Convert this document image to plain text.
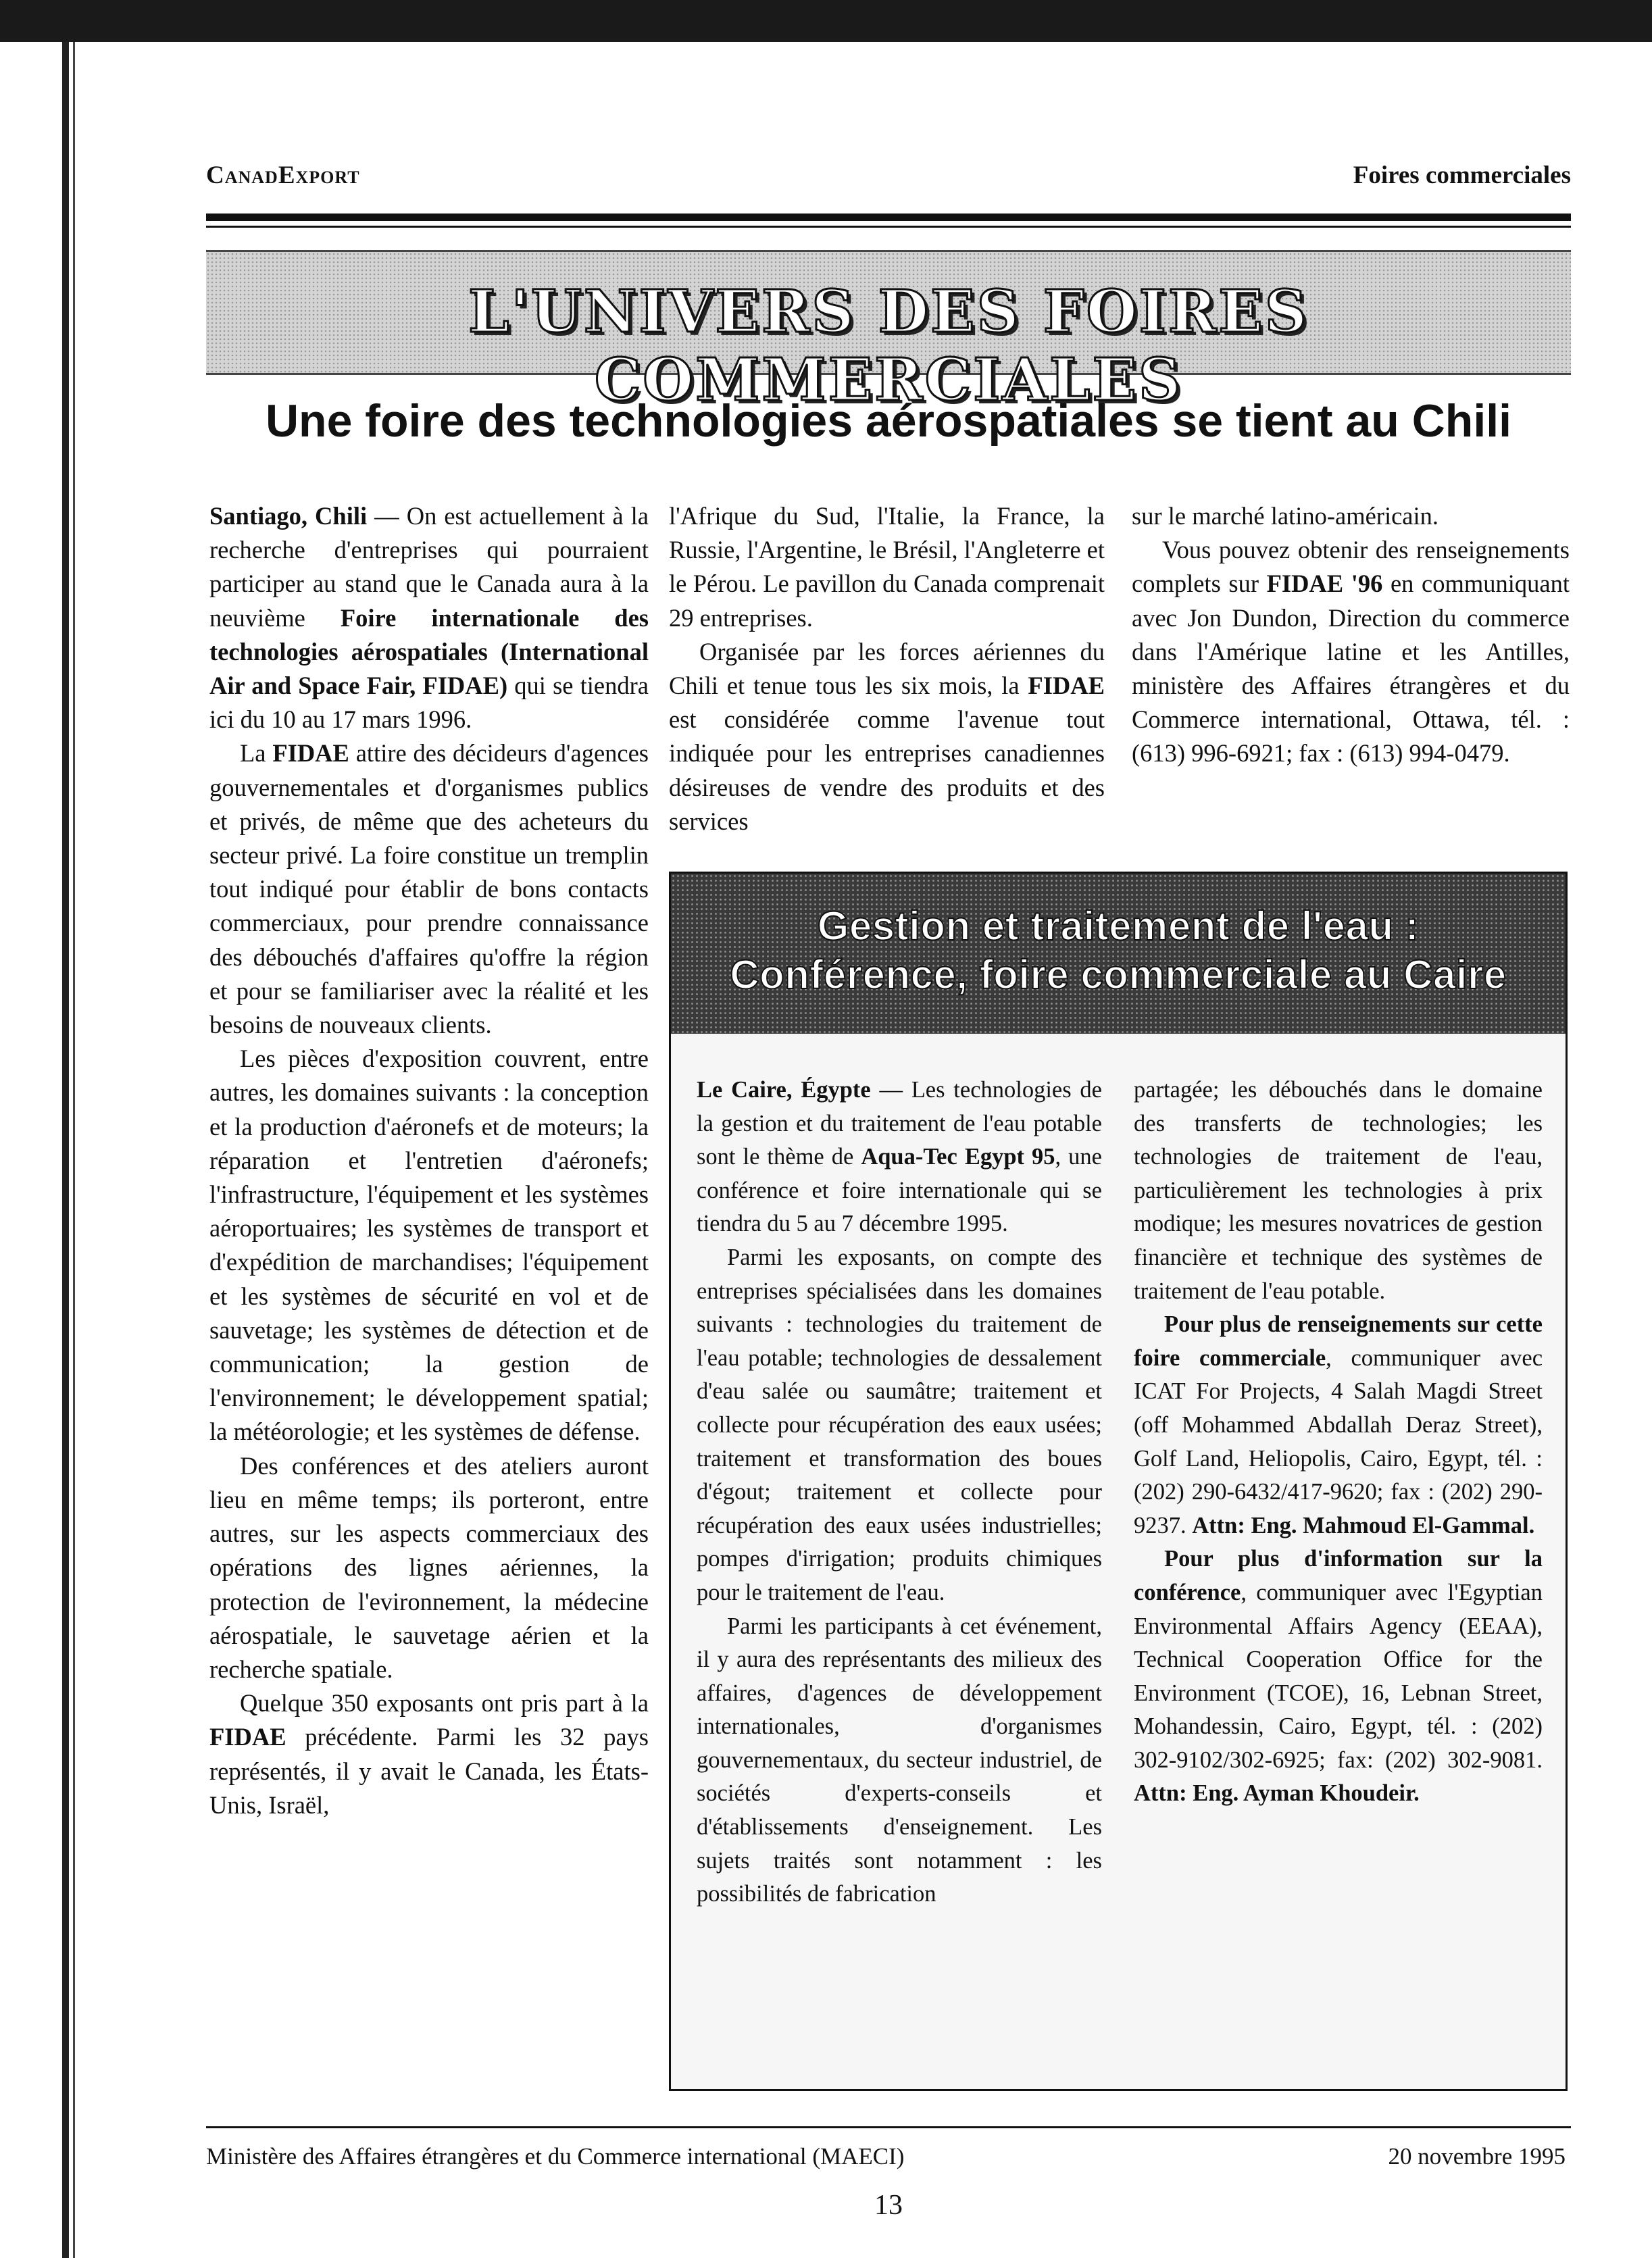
CanadExport	Foires commerciales
L'UNIVERS DES FOIRES COMMERCIALES
Une foire des technologies aérospatiales se tient au Chili

Santiago, Chili — On est actuellement à la recherche d'entreprises qui pourraient participer au stand que le Canada aura à la neuvième Foire internationale des technologies aérospatiales (International Air and Space Fair, FIDAE) qui se tiendra ici du 10 au 17 mars 1996.

La FIDAE attire des décideurs d'agences gouvernementales et d'organismes publics et privés, de même que des acheteurs du secteur privé. La foire constitue un tremplin tout indiqué pour établir de bons contacts commerciaux, pour prendre connaissance des débouchés d'affaires qu'offre la région et pour se familiariser avec la réalité et les besoins de nouveaux clients.

Les pièces d'exposition couvrent, entre autres, les domaines suivants : la conception et la production d'aéronefs et de moteurs; la réparation et l'entretien d'aéronefs; l'infrastructure, l'équipement et les systèmes aéroportuaires; les systèmes de transport et d'expédition de marchandises; l'équipement et les systèmes de sécurité en vol et de sauvetage; les systèmes de détection et de communication; la gestion de l'environnement; le développement spatial; la météorologie; et les systèmes de défense.

Des conférences et des ateliers auront lieu en même temps; ils porteront, entre autres, sur les aspects commerciaux des opérations des lignes aériennes, la protection de l'evironnement, la médecine aérospatiale, le sauvetage aérien et la recherche spatiale.

Quelque 350 exposants ont pris part à la FIDAE précédente. Parmi les 32 pays représentés, il y avait le Canada, les États-Unis, Israël,

l'Afrique du Sud, l'Italie, la France, la Russie, l'Argentine, le Brésil, l'Angleterre et le Pérou. Le pavillon du Canada comprenait 29 entreprises.

Organisée par les forces aériennes du Chili et tenue tous les six mois, la FIDAE est considérée comme l'avenue tout indiquée pour les entreprises canadiennes désireuses de vendre des produits et des services

sur le marché latino-américain.

Vous pouvez obtenir des renseignements complets sur FIDAE '96 en communiquant avec Jon Dundon, Direction du commerce dans l'Amérique latine et les Antilles, ministère des Affaires étrangères et du Commerce international, Ottawa, tél. : (613) 996-6921; fax : (613) 994-0479.

Gestion et traitement de l'eau :
Conférence, foire commerciale au Caire

Le Caire, Égypte — Les technologies de la gestion et du traitement de l'eau potable sont le thème de Aqua-Tec Egypt 95, une conférence et foire internationale qui se tiendra du 5 au 7 décembre 1995.

Parmi les exposants, on compte des entreprises spécialisées dans les domaines suivants : technologies du traitement de l'eau potable; technologies de dessalement d'eau salée ou saumâtre; traitement et collecte pour récupération des eaux usées; traitement et transformation des boues d'égout; traitement et collecte pour récupération des eaux usées industrielles; pompes d'irrigation; produits chimiques pour le traitement de l'eau.

Parmi les participants à cet événement, il y aura des représentants des milieux des affaires, d'agences de développement internationales, d'organismes gouvernementaux, du secteur industriel, de sociétés d'experts-conseils et d'établissements d'enseignement. Les sujets traités sont notamment : les possibilités de fabrication

partagée; les débouchés dans le domaine des transferts de technologies; les technologies de traitement de l'eau, particulièrement les technologies à prix modique; les mesures novatrices de gestion financière et technique des systèmes de traitement de l'eau potable.

Pour plus de renseignements sur cette foire commerciale, communiquer avec ICAT For Projects, 4 Salah Magdi Street (off Mohammed Abdallah Deraz Street), Golf Land, Heliopolis, Cairo, Egypt, tél. : (202) 290-6432/417-9620; fax : (202) 290-9237. Attn: Eng. Mahmoud El-Gammal.

Pour plus d'information sur la conférence, communiquer avec l'Egyptian Environmental Affairs Agency (EEAA), Technical Cooperation Office for the Environment (TCOE), 16, Lebnan Street, Mohandessin, Cairo, Egypt, tél. : (202) 302-9102/302-6925; fax: (202) 302-9081. Attn: Eng. Ayman Khoudeir.

Ministère des Affaires étrangères et du Commerce international (MAECI)	20 novembre 1995
13
